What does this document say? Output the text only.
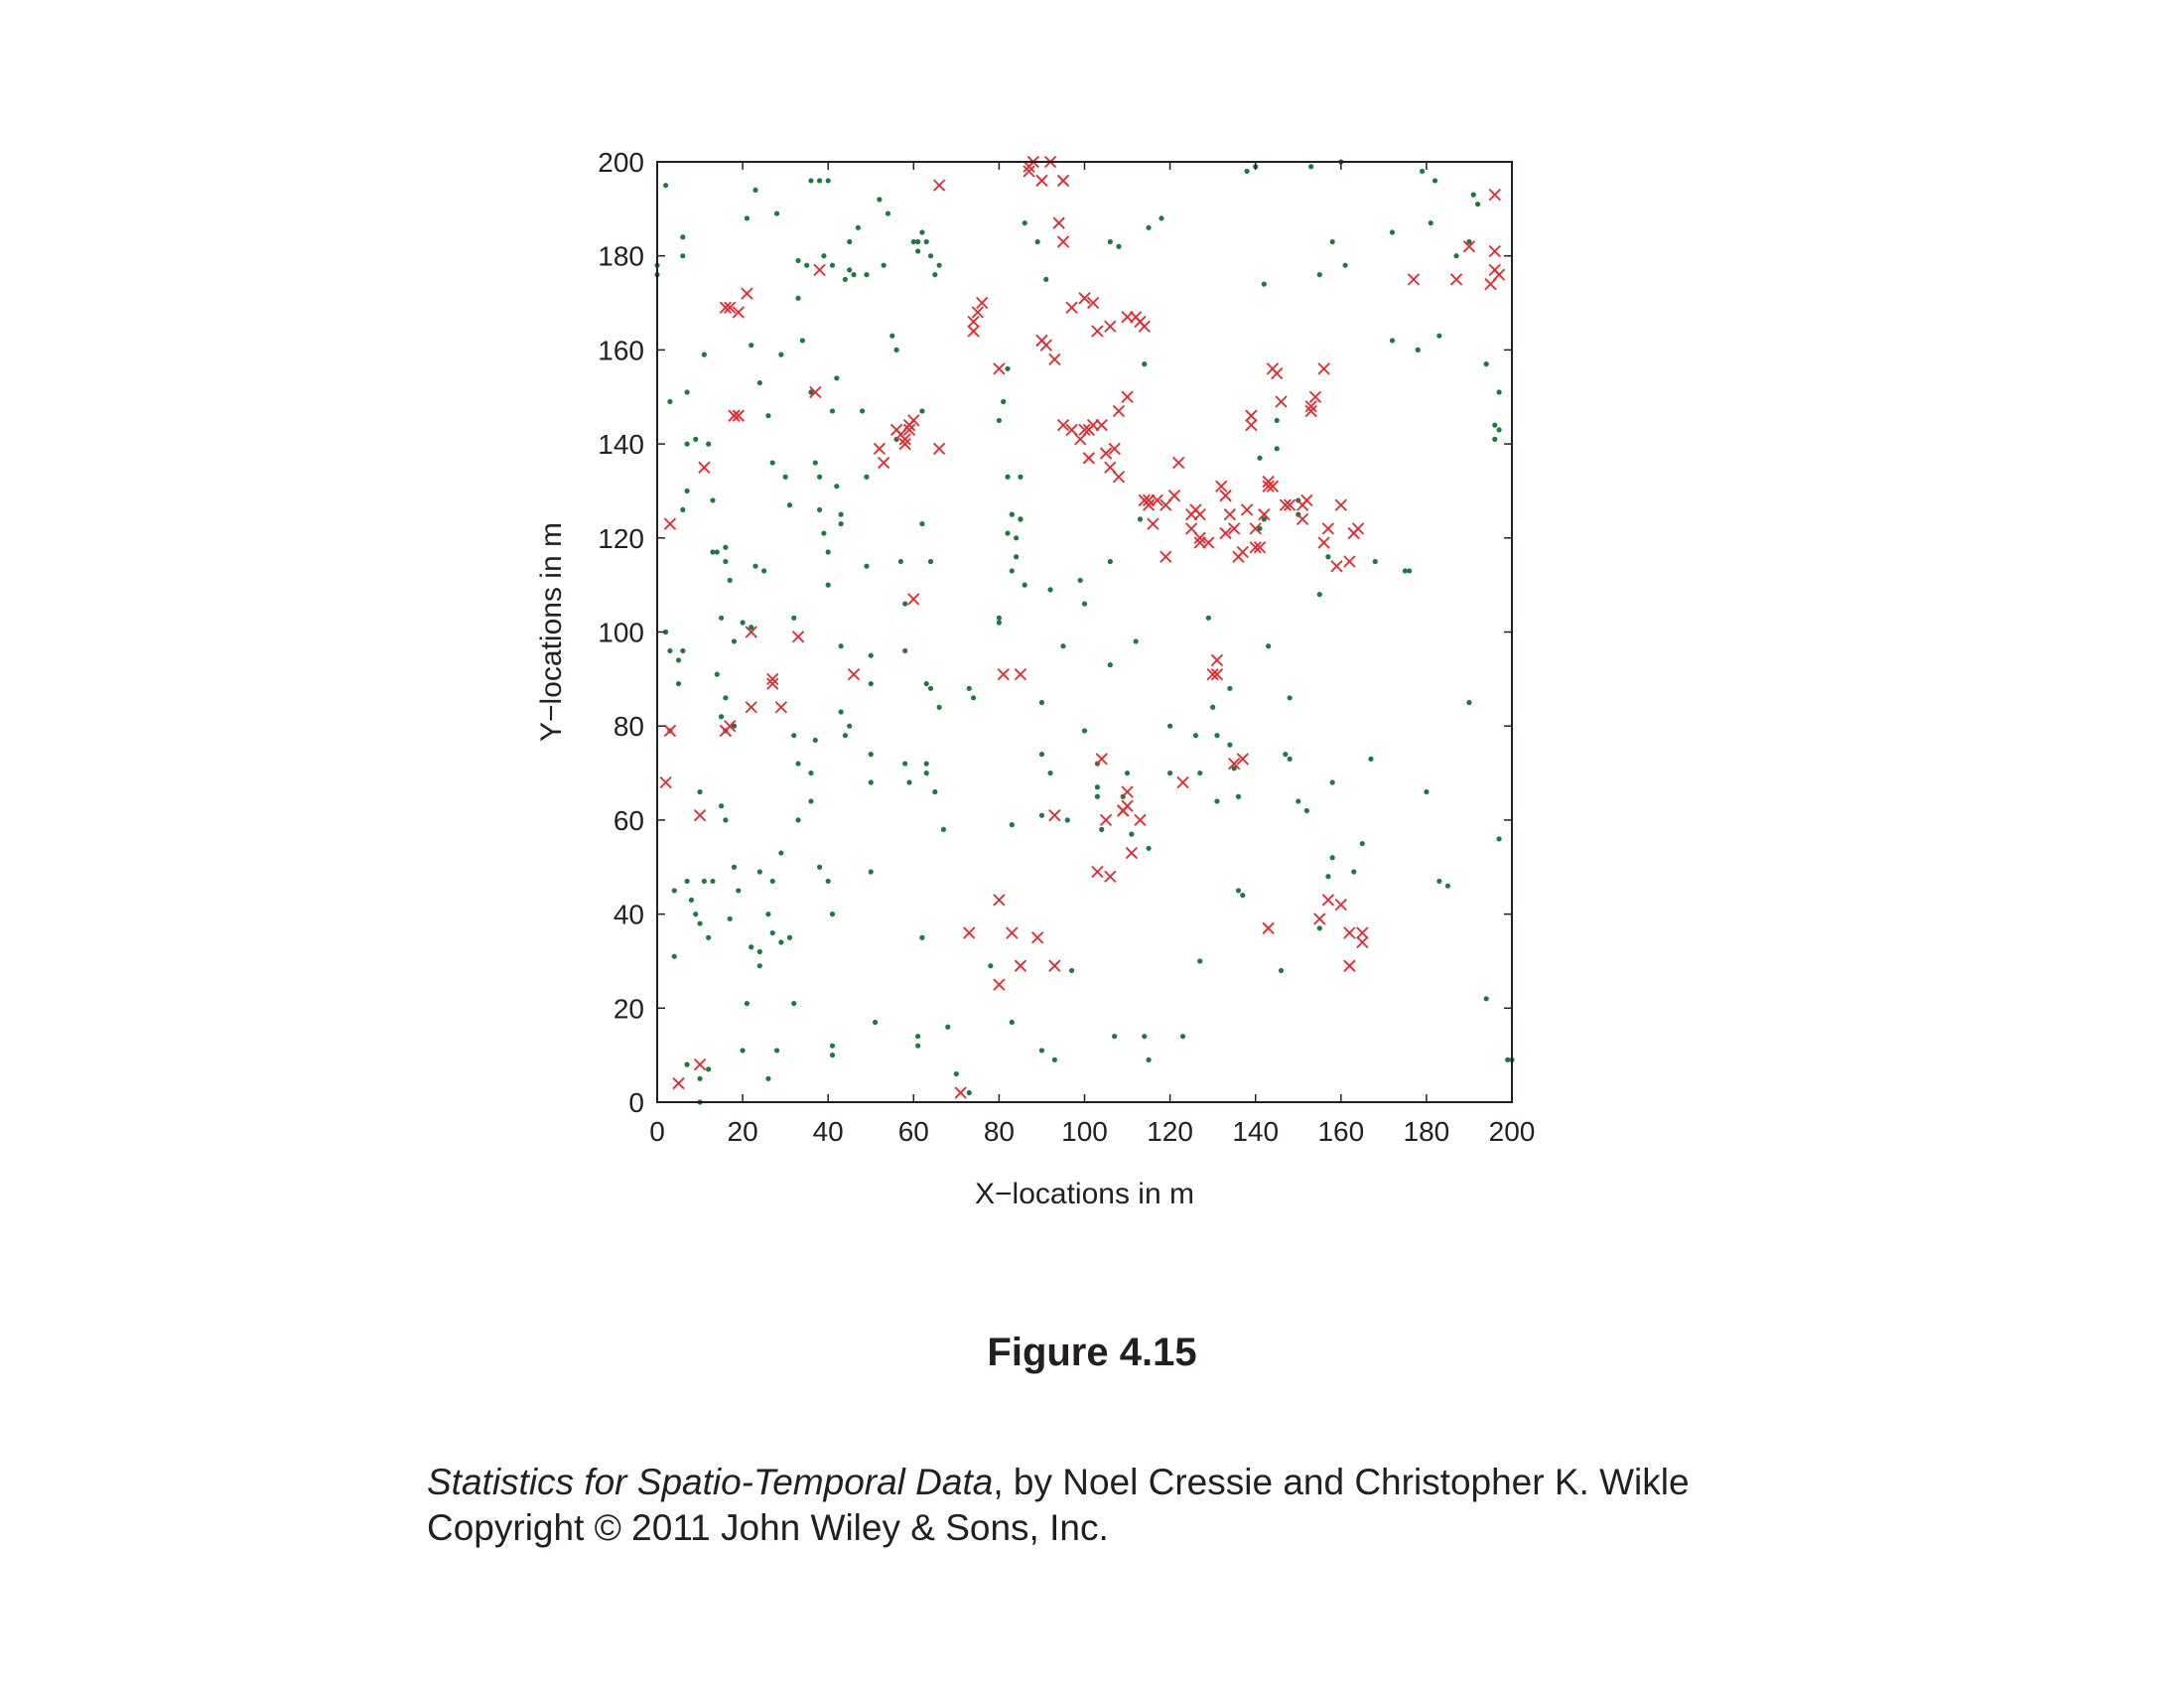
0 20 40 60 80 100 120 140 160 180 200
0
20
40
60
80
100
120
140
160
180
200
X−locations in m
Y−locations in m
Figure 4.15
Statistics for Spatio-Temporal Data, by Noel Cressie and Christopher K. Wikle
Copyright © 2011 John Wiley & Sons, Inc.
